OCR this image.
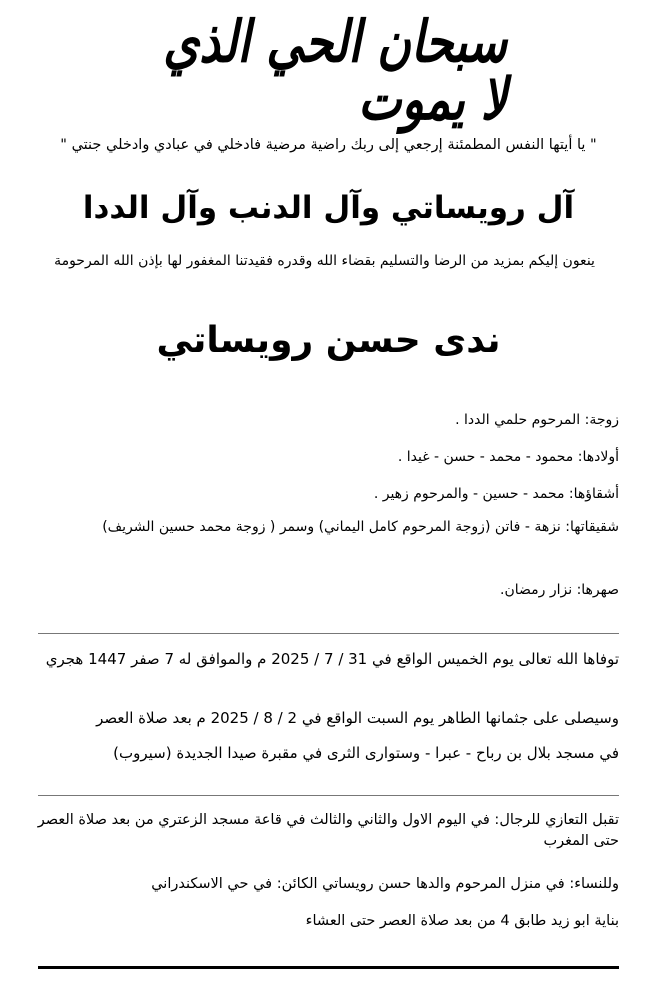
سبحان الحي الذي لا يموت
" يا أيتها النفس المطمئنة إرجعي إلى ربك راضية مرضية فادخلي في عبادي وادخلي جنتي "
آل رويساتي وآل الدنب وآل الددا
ينعون إليكم بمزيد من الرضا والتسليم بقضاء الله وقدره فقيدتنا المغفور لها بإذن الله المرحومة
ندى حسن رويساتي
زوجة: المرحوم حلمي الددا .
أولادها: محمود - محمد - حسن - غيدا .
أشقاؤها: محمد - حسين - والمرحوم زهير .
شقيقاتها: نزهة - فاتن (زوجة المرحوم كامل اليماني) وسمر ( زوجة محمد حسين الشريف)
صهرها: نزار رمضان.
توفاها الله تعالى يوم الخميس الواقع في 31 / 7 / 2025 م والموافق له 7 صفر 1447 هجري
وسيصلى على جثمانها الطاهر يوم السبت الواقع في 2 / 8 / 2025 م بعد صلاة العصر
في مسجد بلال بن رباح - عبرا - وستوارى الثرى في مقبرة صيدا الجديدة (سيروب)
تقبل التعازي للرجال: في اليوم الاول والثاني والثالث في قاعة مسجد الزعتري من بعد صلاة العصر حتى المغرب
وللنساء: في منزل المرحوم والدها حسن رويساتي الكائن: في حي الاسكندراني
بناية ابو زيد طابق 4 من بعد صلاة العصر حتى العشاء
